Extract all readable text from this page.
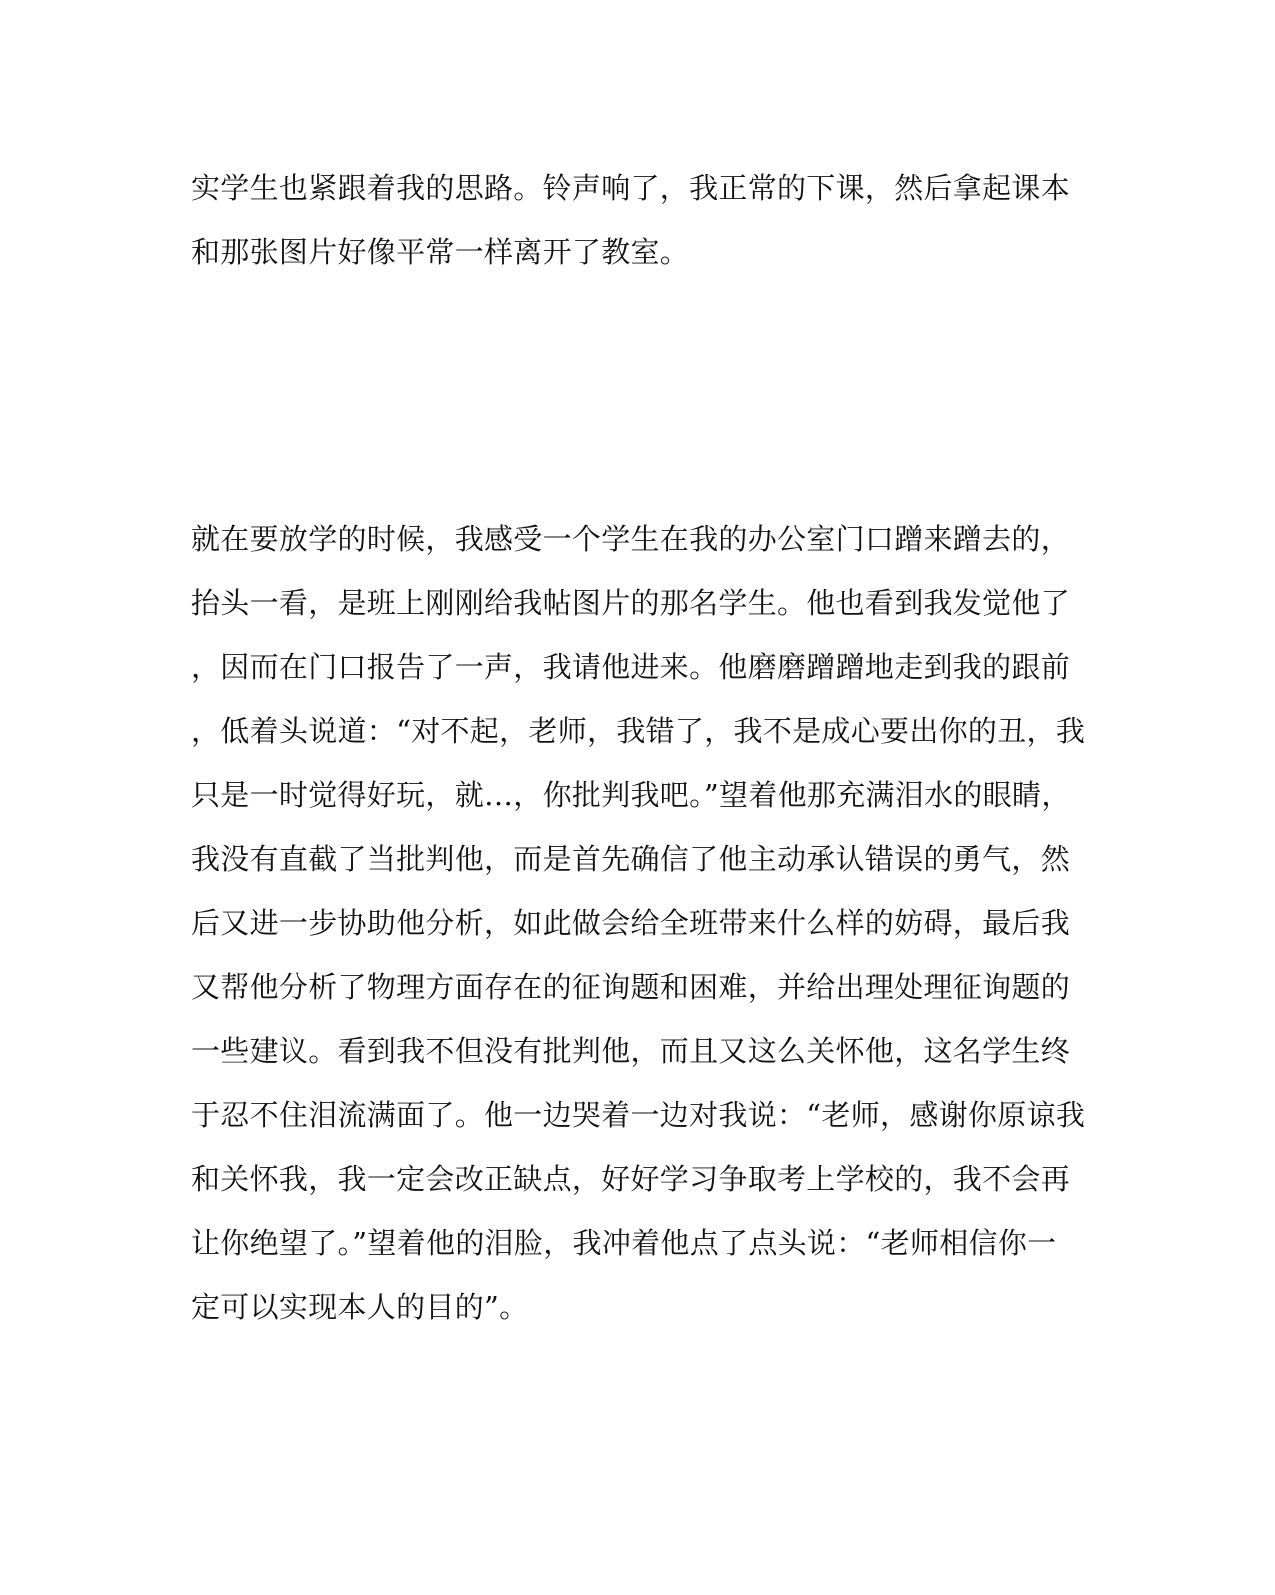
实学生也紧跟着我的思路。铃声响了，我正常的下课，然后拿起课本
和那张图片好像平常一样离开了教室。
就在要放学的时候，我感受一个学生在我的办公室门口蹭来蹭去的，
抬头一看，是班上刚刚给我帖图片的那名学生。他也看到我发觉他了
，因而在门口报告了一声，我请他进来。他磨磨蹭蹭地走到我的跟前
，低着头说道：“对不起，老师，我错了，我不是成心要出你的丑，我
只是一时觉得好玩，就…，你批判我吧。”望着他那充满泪水的眼睛，
我没有直截了当批判他，而是首先确信了他主动承认错误的勇气，然
后又进一步协助他分析，如此做会给全班带来什么样的妨碍，最后我
又帮他分析了物理方面存在的征询题和困难，并给出理处理征询题的
一些建议。看到我不但没有批判他，而且又这么关怀他，这名学生终
于忍不住泪流满面了。他一边哭着一边对我说：“老师，感谢你原谅我
和关怀我，我一定会改正缺点，好好学习争取考上学校的，我不会再
让你绝望了。”望着他的泪脸，我冲着他点了点头说：“老师相信你一
定可以实现本人的目的”。
